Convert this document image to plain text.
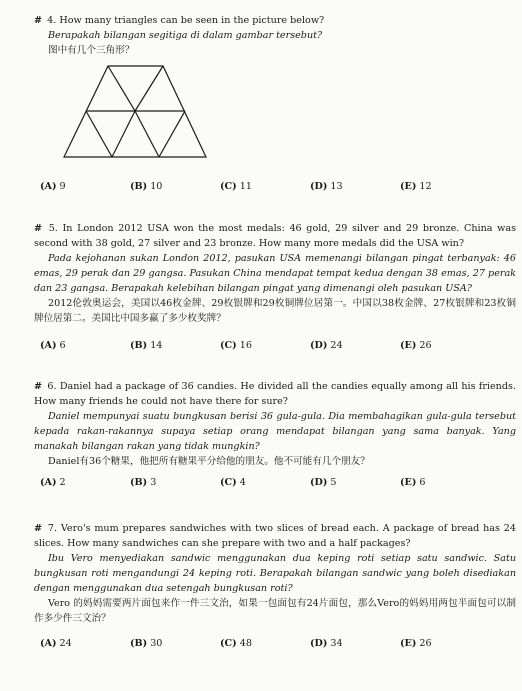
# 4. How many triangles can be seen in the picture below?
Berapakah bilangan segitiga di dalam gambar tersebut?
图中有几个三角形？
(A) 9	(B) 10	(C) 11	(D) 13	(E) 12
# 5. In London 2012 USA won the most medals: 46 gold, 29 silver and 29 bronze. China was second with 38 gold, 27 silver and 23 bronze. How many more medals did the USA win?
Pada kejohanan sukan London 2012, pasukan USA memenangi bilangan pingat terbanyak: 46 emas, 29 perak dan 29 gangsa. Pasukan China mendapat tempat kedua dengan 38 emas, 27 perak dan 23 gangsa. Berapakah kelebihan bilangan pingat yang dimenangi oleh pasukan USA?
2012伦敦奥运会，美国以46枚金牌、29枚银牌和29枚铜牌位居第一。中国以38枚金牌、27枚银牌和23枚铜牌位居第二。美国比中国多赢了多少枚奖牌？
(A) 6	(B) 14	(C) 16	(D) 24	(E) 26
# 6. Daniel had a package of 36 candies. He divided all the candies equally among all his friends. How many friends he could not have there for sure?
Daniel mempunyai suatu bungkusan berisi 36 gula-gula. Dia membahagikan gula-gula tersebut kepada rakan-rakannya supaya setiap orang mendapat bilangan yang sama banyak. Yang manakah bilangan rakan yang tidak mungkin?
Daniel有36个糖果，他把所有糖果平分给他的朋友。他不可能有几个朋友？
(A) 2	(B) 3	(C) 4	(D) 5	(E) 6
# 7. Vero's mum prepares sandwiches with two slices of bread each. A package of bread has 24 slices. How many sandwiches can she prepare with two and a half packages?
Ibu Vero menyediakan sandwic menggunakan dua keping roti setiap satu sandwic. Satu bungkusan roti mengandungi 24 keping roti. Berapakah bilangan sandwic yang boleh disediakan dengan menggunakan dua setengah bungkusan roti?
Vero 的妈妈需要两片面包来作一件三文治，如果一包面包有24片面包，那么Vero的妈妈用两包半面包可以制作多少件三文治？
(A) 24	(B) 30	(C) 48	(D) 34	(E) 26
